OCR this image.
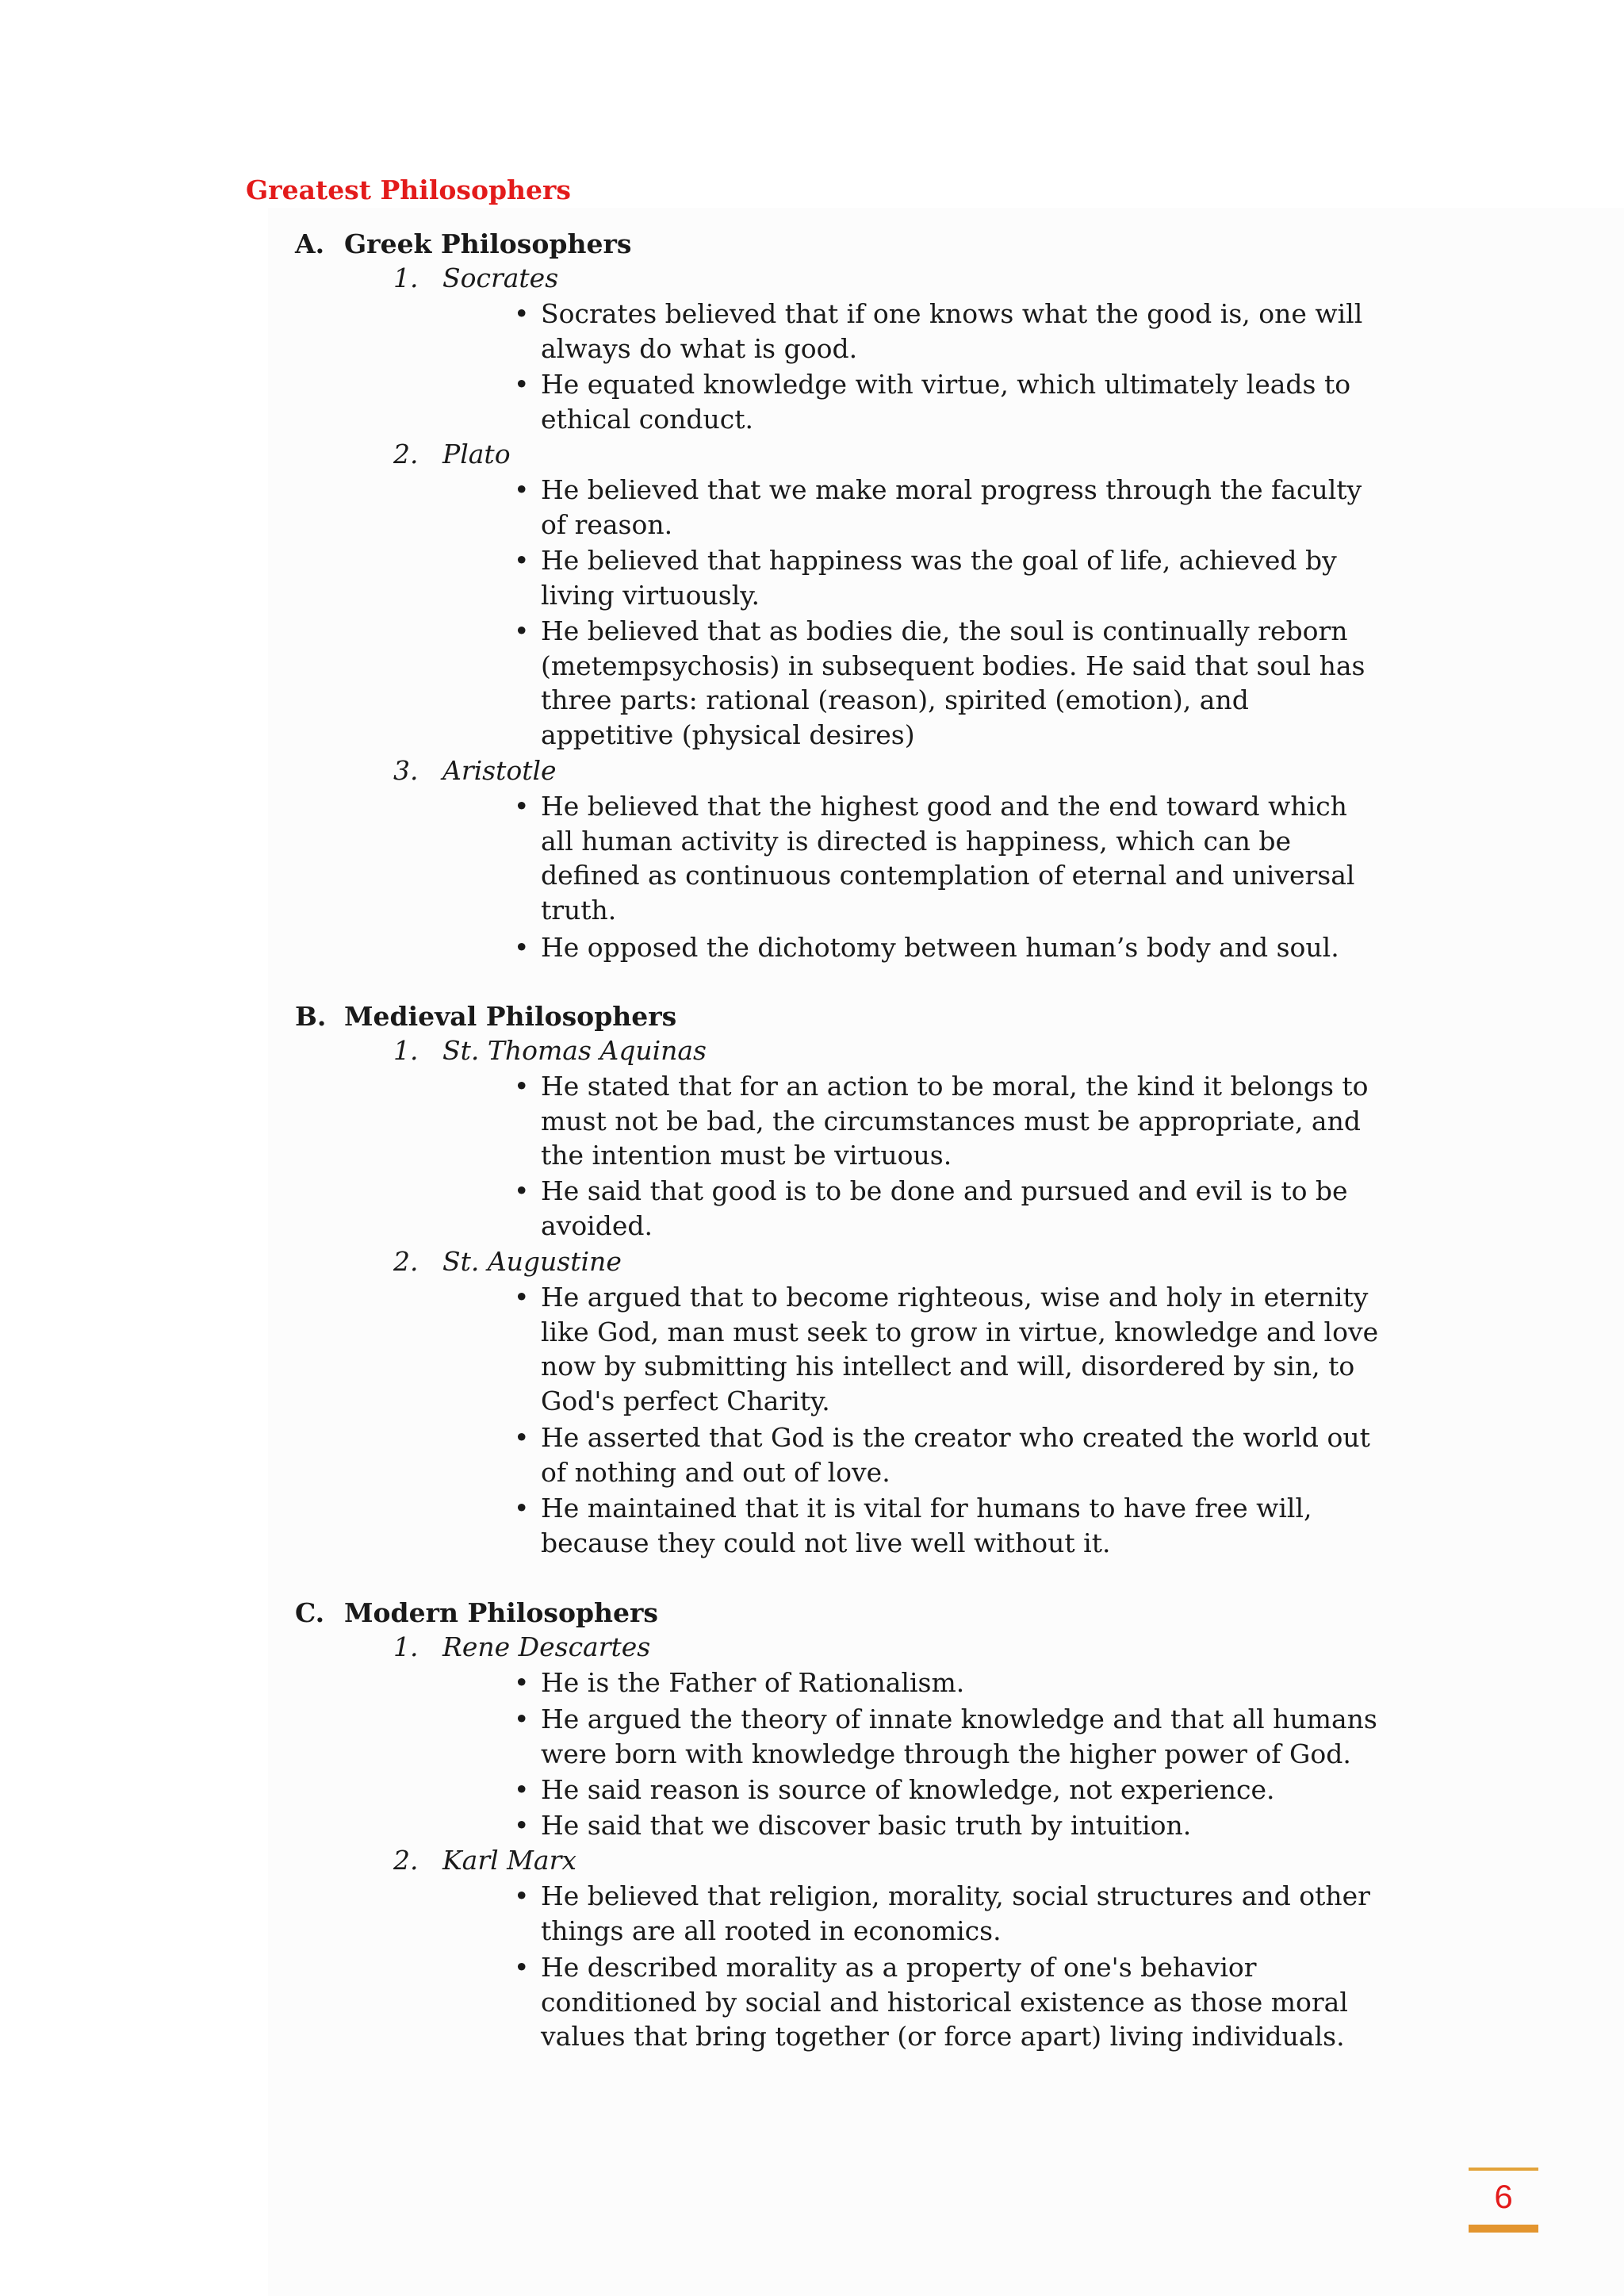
Greatest Philosophers
A. Greek Philosophers
1. Socrates
• Socrates believed that if one knows what the good is, one will always do what is good.
• He equated knowledge with virtue, which ultimately leads to ethical conduct.
2. Plato
• He believed that we make moral progress through the faculty of reason.
• He believed that happiness was the goal of life, achieved by living virtuously.
• He believed that as bodies die, the soul is continually reborn (metempsychosis) in subsequent bodies. He said that soul has three parts: rational (reason), spirited (emotion), and appetitive (physical desires)
3. Aristotle
• He believed that the highest good and the end toward which all human activity is directed is happiness, which can be defined as continuous contemplation of eternal and universal truth.
• He opposed the dichotomy between human’s body and soul.
B. Medieval Philosophers
1. St. Thomas Aquinas
• He stated that for an action to be moral, the kind it belongs to must not be bad, the circumstances must be appropriate, and the intention must be virtuous.
• He said that good is to be done and pursued and evil is to be avoided.
2. St. Augustine
• He argued that to become righteous, wise and holy in eternity like God, man must seek to grow in virtue, knowledge and love now by submitting his intellect and will, disordered by sin, to God's perfect Charity.
• He asserted that God is the creator who created the world out of nothing and out of love.
• He maintained that it is vital for humans to have free will, because they could not live well without it.
C. Modern Philosophers
1. Rene Descartes
• He is the Father of Rationalism.
• He argued the theory of innate knowledge and that all humans were born with knowledge through the higher power of God.
• He said reason is source of knowledge, not experience.
• He said that we discover basic truth by intuition.
2. Karl Marx
• He believed that religion, morality, social structures and other things are all rooted in economics.
• He described morality as a property of one's behavior conditioned by social and historical existence as those moral values that bring together (or force apart) living individuals.
6
